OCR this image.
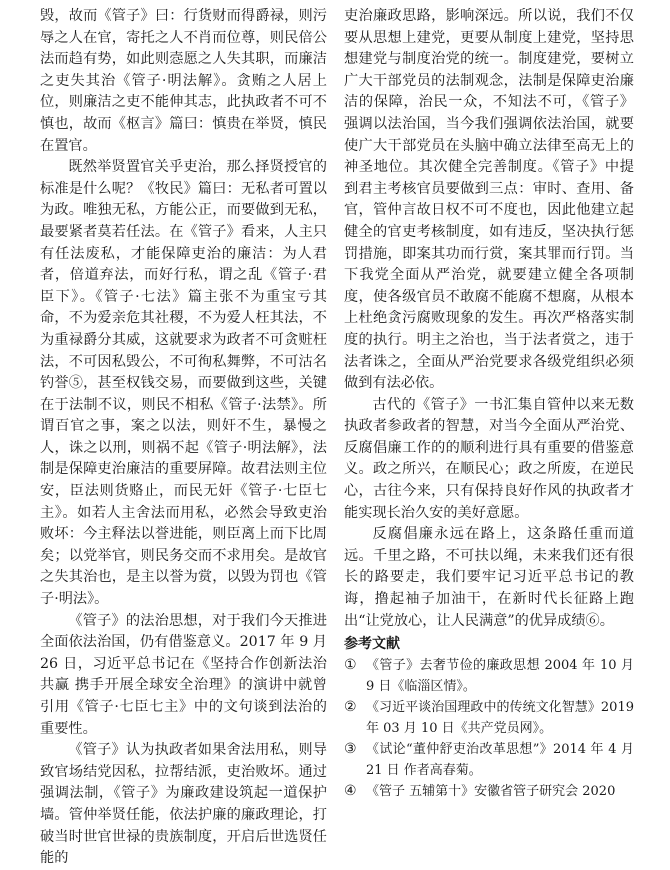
毁，故而《管子》曰：行货财而得爵禄，则污辱之人在官，寄托之人不肖而位尊，则民倍公法而趋有势，如此则悫愿之人失其职，而廉洁之吏失其治《管子·明法解》。贪贿之人居上位，则廉洁之吏不能伸其志，此执政者不可不慎也，故而《枢言》篇曰：慎贵在举贤，慎民在置官。

既然举贤置官关乎吏治，那么择贤授官的标准是什么呢？《牧民》篇曰：无私者可置以为政。唯独无私，方能公正，而要做到无私，最要紧者莫若任法。在《管子》看来，人主只有任法废私，才能保障吏治的廉洁：为人君者，倍道弃法，而好行私，谓之乱《管子·君臣下》。《管子·七法》篇主张不为重宝亏其命，不为爱亲危其社稷，不为爱人枉其法，不为重禄爵分其威，这就要求为政者不可贪赃枉法，不可因私毁公，不可徇私舞弊，不可沽名钓誉⑤，甚至权钱交易，而要做到这些，关键在于法制不议，则民不相私《管子·法禁》。所谓百官之事，案之以法，则奸不生，暴慢之人，诛之以刑，则祸不起《管子·明法解》，法制是保障吏治廉洁的重要屏障。故君法则主位安，臣法则货赂止，而民无奸《管子·七臣七主》。如若人主舍法而用私，必然会导致吏治败坏：今主释法以誉进能，则臣离上而下比周矣；以党举官，则民务交而不求用矣。是故官之失其治也，是主以誉为赏，以毁为罚也《管子·明法》。

《管子》的法治思想，对于我们今天推进全面依法治国，仍有借鉴意义。2017 年 9 月 26 日，习近平总书记在《坚持合作创新法治共赢 携手开展全球安全治理》的演讲中就曾引用《管子·七臣七主》中的文句谈到法治的重要性。

《管子》认为执政者如果舍法用私，则导致官场结党因私，拉帮结派，吏治败坏。通过强调法制，《管子》为廉政建设筑起一道保护墙。管仲举贤任能，依法护廉的廉政理论，打破当时世官世禄的贵族制度，开启后世选贤任能的

吏治廉政思路，影响深远。所以说，我们不仅要从思想上建党，更要从制度上建党，坚持思想建党与制度治党的统一。制度建党，要树立广大干部党员的法制观念，法制是保障吏治廉洁的保障，治民一众，不知法不可，《管子》强调以法治国，当今我们强调依法治国，就要使广大干部党员在头脑中确立法律至高无上的神圣地位。其次健全完善制度。《管子》中提到君主考核官员要做到三点：审时、查用、备官，管仲言故日权不可不度也，因此他建立起健全的官吏考核制度，如有违反，坚决执行惩罚措施，即案其功而行赏，案其罪而行罚。当下我党全面从严治党，就要建立健全各项制度，使各级官员不敢腐不能腐不想腐，从根本上杜绝贪污腐败现象的发生。再次严格落实制度的执行。明主之治也，当于法者赏之，违于法者诛之，全面从严治党要求各级党组织必须做到有法必依。

古代的《管子》一书汇集自管仲以来无数执政者参政者的智慧，对当今全面从严治党、反腐倡廉工作的的顺利进行具有重要的借鉴意义。政之所兴，在顺民心；政之所废，在逆民心，古往今来，只有保持良好作风的执政者才能实现长治久安的美好意愿。

反腐倡廉永远在路上，这条路任重而道远。千里之路，不可扶以绳，未来我们还有很长的路要走，我们要牢记习近平总书记的教诲，撸起袖子加油干，在新时代长征路上跑出“让党放心，让人民满意”的优异成绩⑥。

参考文献
① 《管子》去奢节俭的廉政思想 2004 年 10 月 9 日《临淄区情》。
② 《习近平谈治国理政中的传统文化智慧》2019 年 03 月 10 日《共产党员网》。
③ 《试论“董仲舒吏治改革思想”》2014 年 4 月 21 日 作者高春菊。
④ 《管子 五辅第十》安徽省管子研究会 2020
